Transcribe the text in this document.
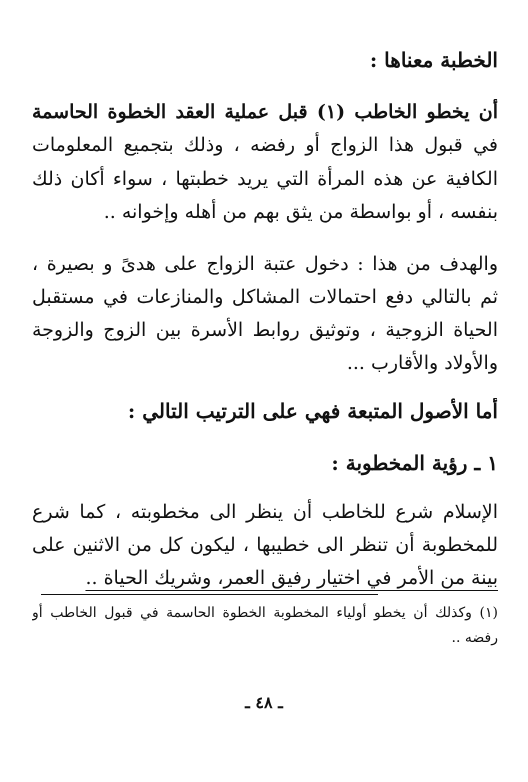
الخطبة معناها :
أن يخطو الخاطب (١) قبل عملية العقد الخطوة الحاسمة
في قبول هذا الزواج أو رفضه ، وذلك بتجميع المعلومات
الكافية عن هذه المرأة التي يريد خطبتها ، سواء أكان ذلك
بنفسه ، أو بواسطة من يثق بهم من أهله وإخوانه ..
والهدف من هذا : دخول عتبة الزواج على هدىً و بصيرة ،
ثم بالتالي دفع احتمالات المشاكل والمنازعات في مستقبل
الحياة الزوجية ، وتوثيق روابط الأسرة بين الزوج والزوجة
والأولاد والأقارب ...
أما الأصول المتبعة فهي على الترتيب التالي :
١ ـ رؤية المخطوبة :
الإسلام شرع للخاطب أن ينظر الى مخطوبته ، كما شرع
للمخطوبة أن تنظر الى خطيبها ، ليكون كل من الاثنين على
بينة من الأمر في اختيار رفيق العمر، وشريك الحياة ..
(١) وكذلك أن يخطو أولياء المخطوبة الخطوة الحاسمة في قبول الخاطب أو
رفضه ..
ـ ٤٨ ـ
